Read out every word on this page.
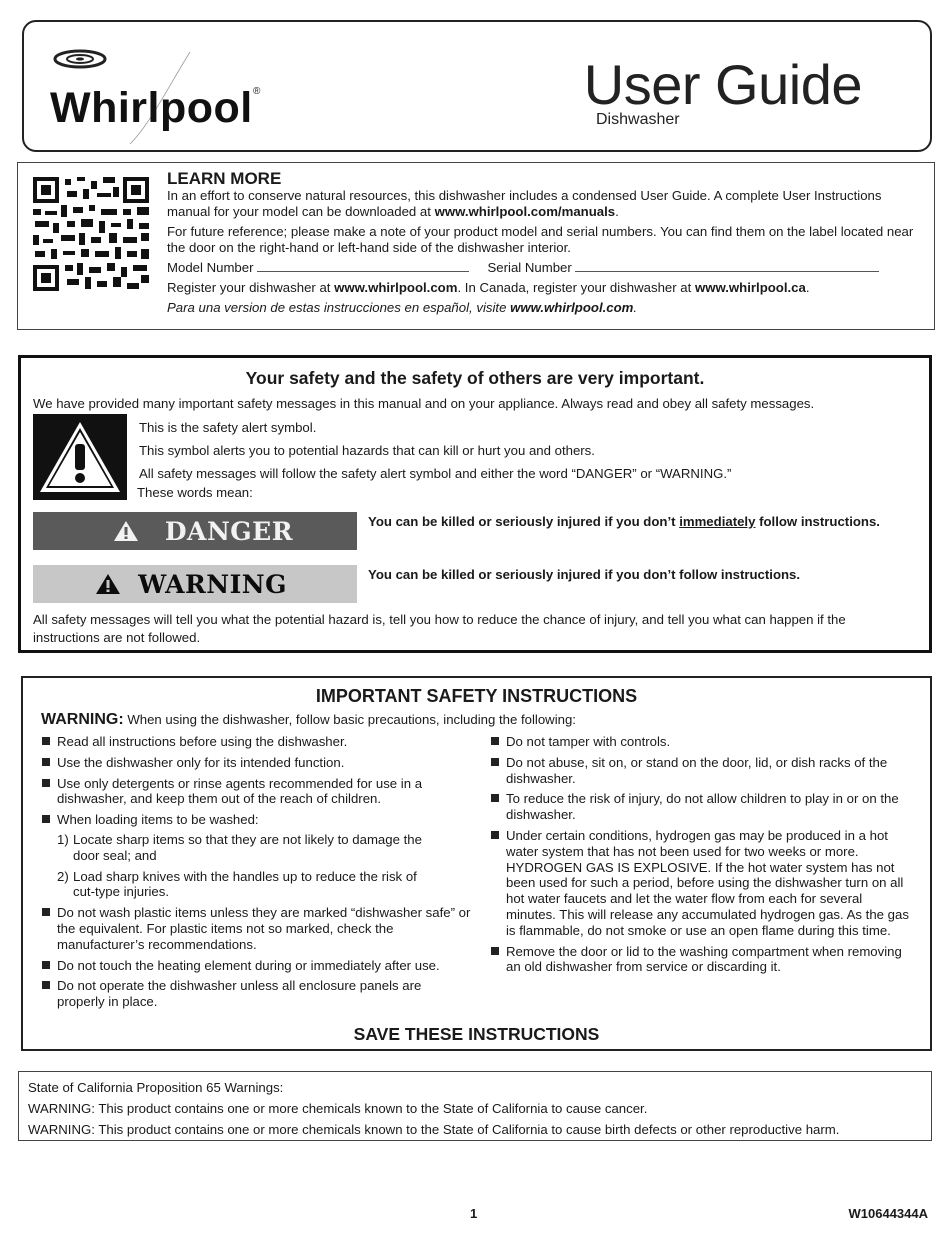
Whirlpool ®	User Guide
Dishwasher
LEARN MORE

In an effort to conserve natural resources, this dishwasher includes a condensed User Guide. A complete User Instructions manual for your model can be downloaded at www.whirlpool.com/manuals.

For future reference; please make a note of your product model and serial numbers. You can find them on the label located near the door on the right-hand or left-hand side of the dishwasher interior.

Model Number	Serial Number

Register your dishwasher at www.whirlpool.com. In Canada, register your dishwasher at www.whirlpool.ca.

Para una version de estas instrucciones en español, visite www.whirlpool.com.

Your safety and the safety of others are very important.
We have provided many important safety messages in this manual and on your appliance. Always read and obey all safety messages.
This is the safety alert symbol.
This symbol alerts you to potential hazards that can kill or hurt you and others.
All safety messages will follow the safety alert symbol and either the word “DANGER” or “WARNING.”
These words mean:
DANGER	You can be killed or seriously injured if you don’t immediately follow instructions.
WARNING	You can be killed or seriously injured if you don’t follow instructions.
All safety messages will tell you what the potential hazard is, tell you how to reduce the chance of injury, and tell you what can happen if the instructions are not followed.
IMPORTANT SAFETY INSTRUCTIONS
WARNING: When using the dishwasher, follow basic precautions, including the following:
Read all instructions before using the dishwasher.
Use the dishwasher only for its intended function.
Use only detergents or rinse agents recommended for use in a dishwasher, and keep them out of the reach of children.
When loading items to be washed:
1) Locate sharp items so that they are not likely to damage the
door seal; and
2) Load sharp knives with the handles up to reduce the risk of
cut-type injuries.
Do not wash plastic items unless they are marked “dishwasher safe” or the equivalent. For plastic items not so marked, check the manufacturer’s recommendations.
Do not touch the heating element during or immediately after use.
Do not operate the dishwasher unless all enclosure panels are properly in place.
Do not tamper with controls.
Do not abuse, sit on, or stand on the door, lid, or dish racks of the dishwasher.
To reduce the risk of injury, do not allow children to play in or on the dishwasher.
Under certain conditions, hydrogen gas may be produced in a hot water system that has not been used for two weeks or more. HYDROGEN GAS IS EXPLOSIVE. If the hot water system has not been used for such a period, before using the dishwasher turn on all hot water faucets and let the water flow from each for several minutes. This will release any accumulated hydrogen gas. As the gas is flammable, do not smoke or use an open flame during this time.
Remove the door or lid to the washing compartment when removing an old dishwasher from service or discarding it.
SAVE THESE INSTRUCTIONS
State of California Proposition 65 Warnings:
WARNING: This product contains one or more chemicals known to the State of California to cause cancer.
WARNING: This product contains one or more chemicals known to the State of California to cause birth defects or other reproductive harm.
1	W10644344A
